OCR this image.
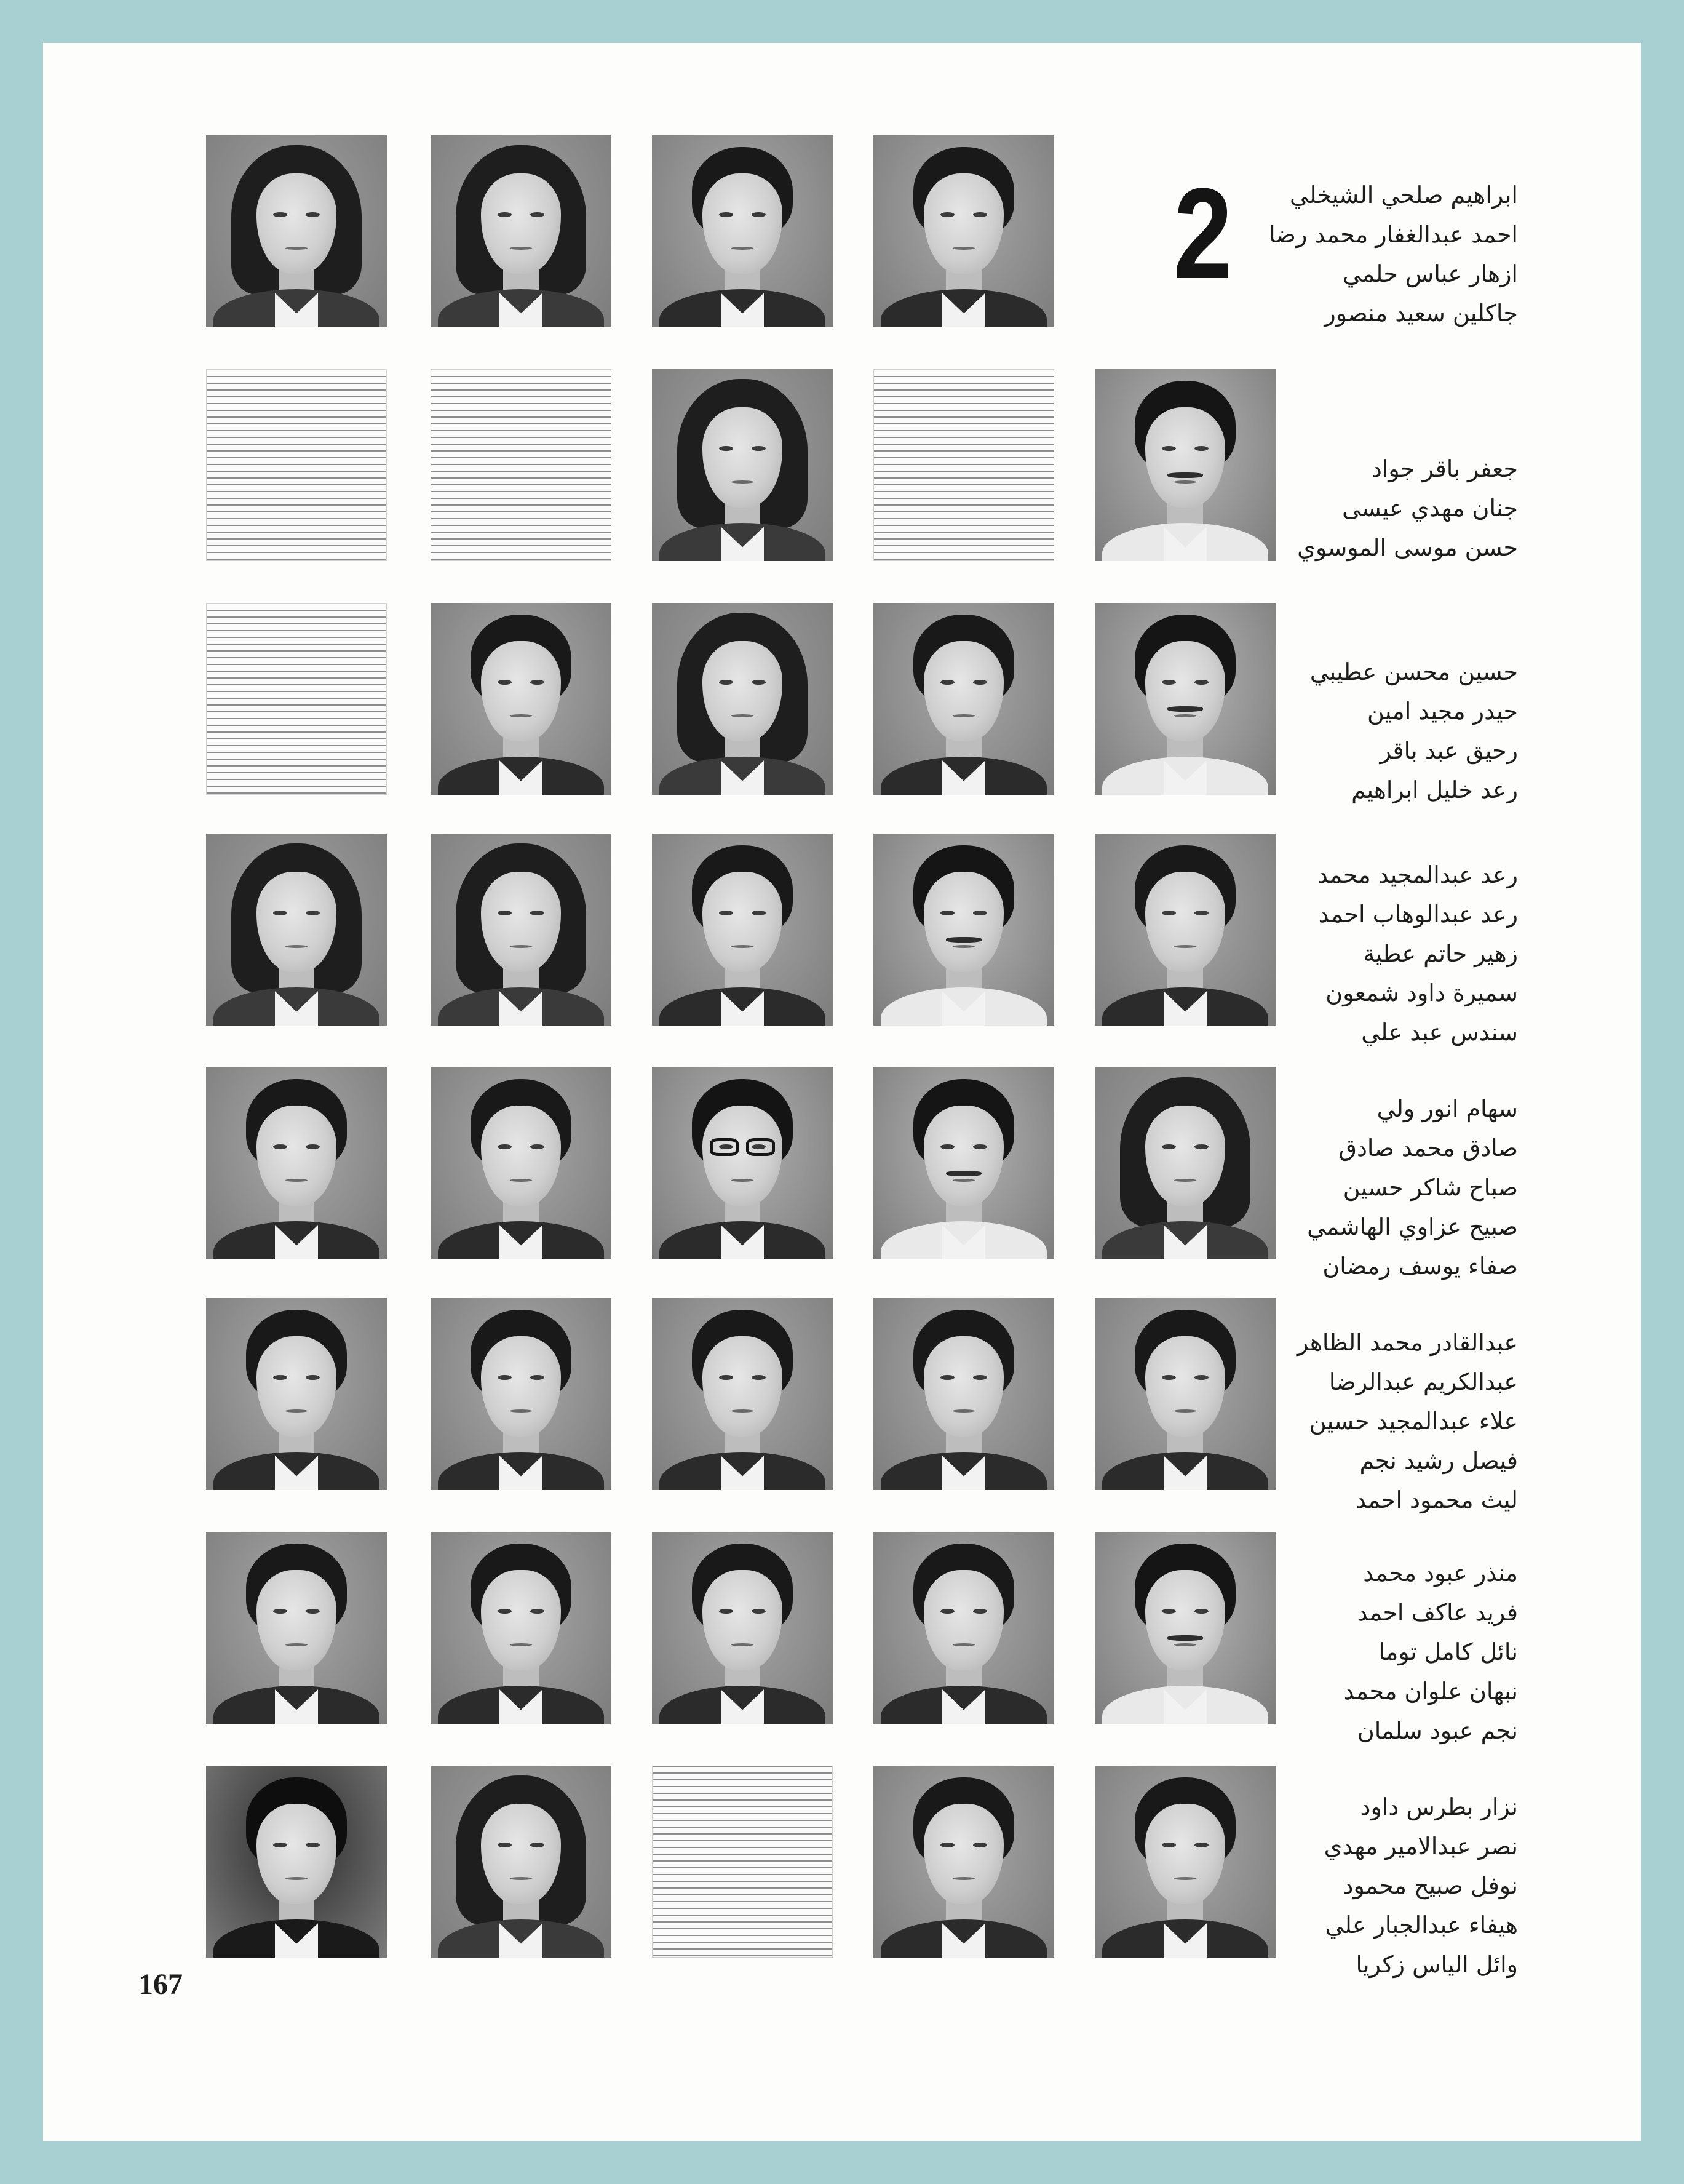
2	ابراهيم صلحي الشيخلي
احمد عبدالغفار محمد رضا
ازهار عباس حلمي
جاكلين سعيد منصور
جعفر باقر جواد
جنان مهدي عيسى
حسن موسى الموسوي
حسين محسن عطيبي
حيدر مجيد امين
رحيق عبد باقر
رعد خليل ابراهيم
رعد عبدالمجيد محمد
رعد عبدالوهاب احمد
زهير حاتم عطية
سميرة داود شمعون
سندس عبد علي
سهام انور ولي
صادق محمد صادق
صباح شاكر حسين
صبيح عزاوي الهاشمي
صفاء يوسف رمضان
عبدالقادر محمد الظاهر
عبدالكريم عبدالرضا
علاء عبدالمجيد حسين
فيصل رشيد نجم
ليث محمود احمد
منذر عبود محمد
فريد عاكف احمد
نائل كامل توما
نبهان علوان محمد
نجم عبود سلمان
نزار بطرس داود
نصر عبدالامير مهدي
نوفل صبيح محمود
هيفاء عبدالجبار علي
وائل الياس زكريا
167
